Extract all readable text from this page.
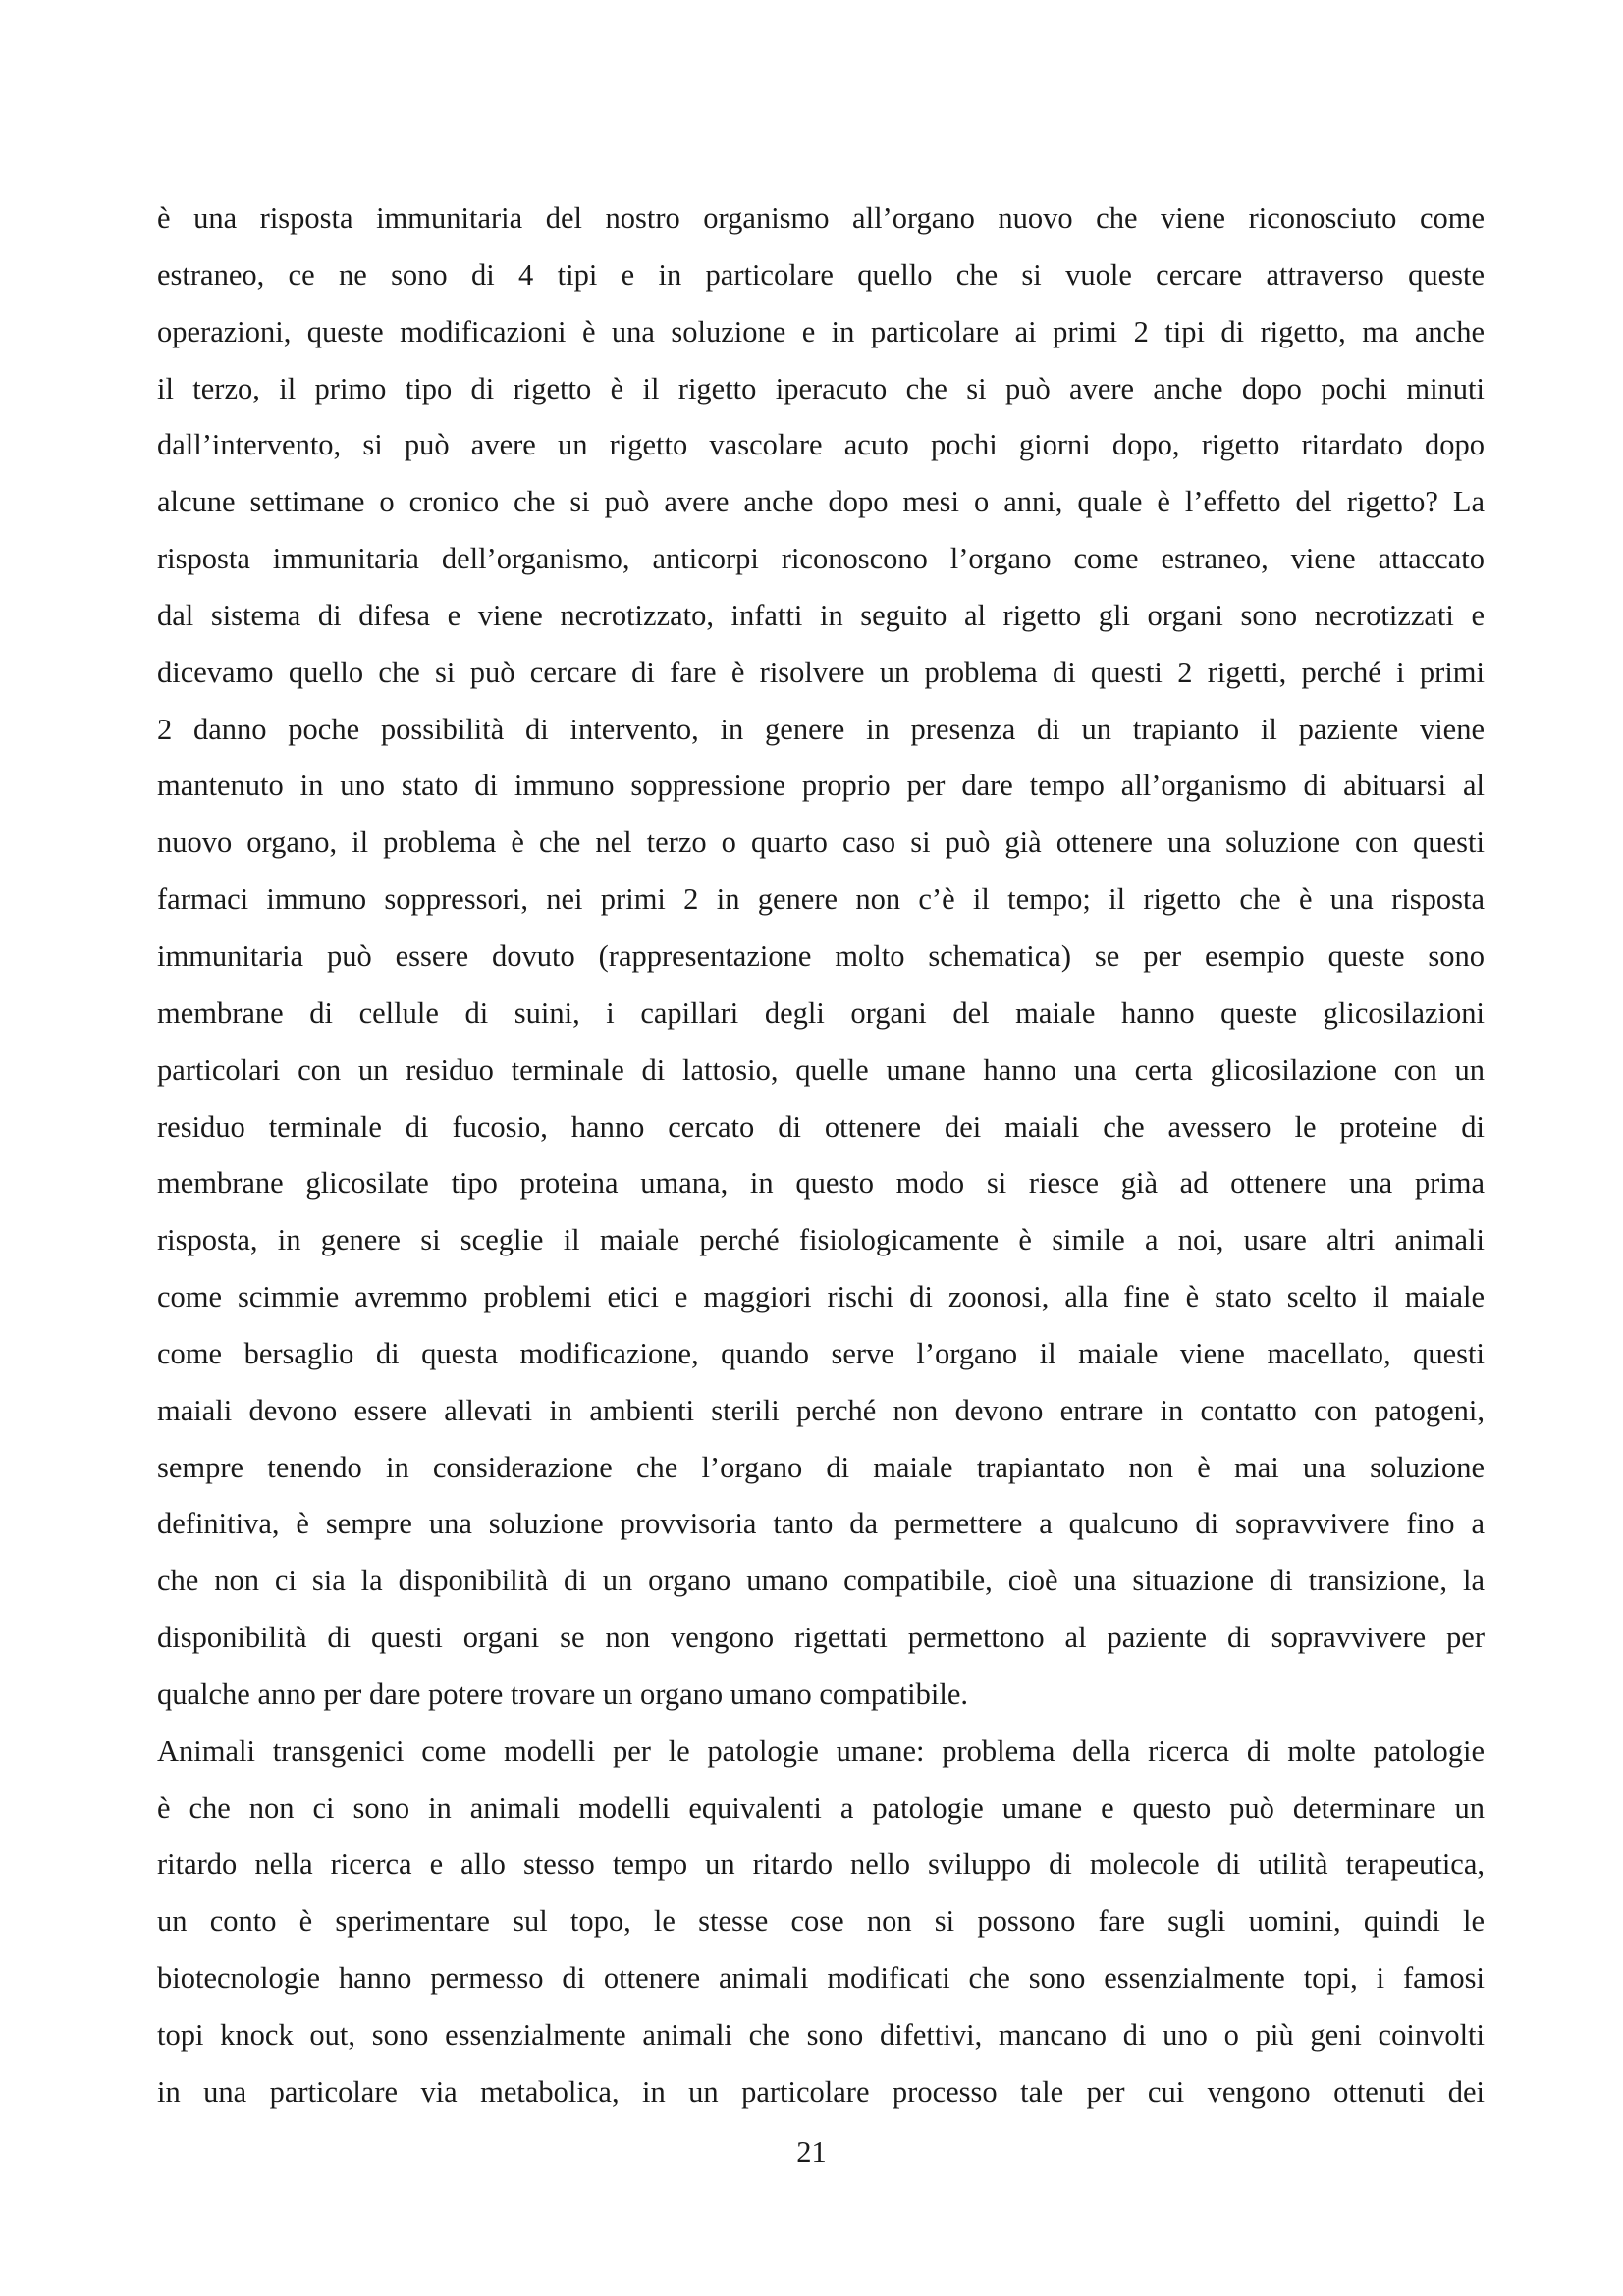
è una risposta immunitaria del nostro organismo all’organo nuovo che viene riconosciuto come
estraneo, ce ne sono di 4 tipi e in particolare quello che si vuole cercare attraverso queste
operazioni, queste modificazioni è una soluzione e in particolare ai primi 2 tipi di rigetto, ma anche
il terzo, il primo tipo di rigetto è il rigetto iperacuto che si può avere anche dopo pochi minuti
dall’intervento, si può avere un rigetto vascolare acuto pochi giorni dopo, rigetto ritardato dopo
alcune settimane o cronico che si può avere anche dopo mesi o anni, quale è l’effetto del rigetto? La
risposta immunitaria dell’organismo, anticorpi riconoscono l’organo come estraneo, viene attaccato
dal sistema di difesa e viene necrotizzato, infatti in seguito al rigetto gli organi sono necrotizzati e
dicevamo quello che si può cercare di fare è risolvere un problema di questi 2 rigetti, perché i primi
2 danno poche possibilità di intervento, in genere in presenza di un trapianto il paziente viene
mantenuto in uno stato di immuno soppressione proprio per dare tempo all’organismo di abituarsi al
nuovo organo, il problema è che nel terzo o quarto caso si può già ottenere una soluzione con questi
farmaci immuno soppressori, nei primi 2 in genere non c’è il tempo; il rigetto che è una risposta
immunitaria può essere dovuto (rappresentazione molto schematica) se per esempio queste sono
membrane di cellule di suini, i capillari degli organi del maiale hanno queste glicosilazioni
particolari con un residuo terminale di lattosio, quelle umane hanno una certa glicosilazione con un
residuo terminale di fucosio, hanno cercato di ottenere dei maiali che avessero le proteine di
membrane glicosilate tipo proteina umana, in questo modo si riesce già ad ottenere una prima
risposta, in genere si sceglie il maiale perché fisiologicamente è simile a noi, usare altri animali
come scimmie avremmo problemi etici e maggiori rischi di zoonosi, alla fine è stato scelto il maiale
come bersaglio di questa modificazione, quando serve l’organo il maiale viene macellato, questi
maiali devono essere allevati in ambienti sterili perché non devono entrare in contatto con patogeni,
sempre tenendo in considerazione che l’organo di maiale trapiantato non è mai una soluzione
definitiva, è sempre una soluzione provvisoria tanto da permettere a qualcuno di sopravvivere fino a
che non ci sia la disponibilità di un organo umano compatibile, cioè una situazione di transizione, la
disponibilità di questi organi se non vengono rigettati permettono al paziente di sopravvivere per
qualche anno per dare potere trovare un organo umano compatibile.
Animali transgenici come modelli per le patologie umane: problema della ricerca di molte patologie
è che non ci sono in animali modelli equivalenti a patologie umane e questo può determinare un
ritardo nella ricerca e allo stesso tempo un ritardo nello sviluppo di molecole di utilità terapeutica,
un conto è sperimentare sul topo, le stesse cose non si possono fare sugli uomini, quindi le
biotecnologie hanno permesso di ottenere animali modificati che sono essenzialmente topi, i famosi
topi knock out, sono essenzialmente animali che sono difettivi, mancano di uno o più geni coinvolti
in una particolare via metabolica, in un particolare processo tale per cui vengono ottenuti dei
21
